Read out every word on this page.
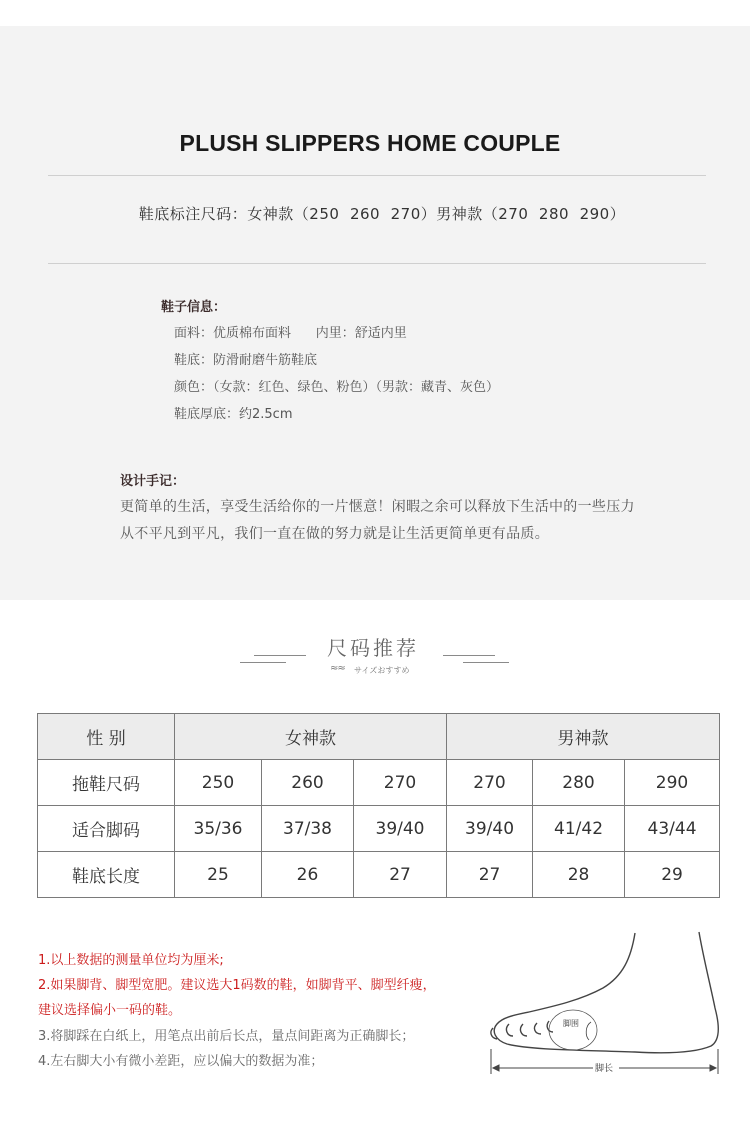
PLUSH SLIPPERS HOME COUPLE
鞋底标注尺码：女神款（250  260  270）男神款（270  280  290）
鞋子信息：
面料：优质棉布面料      内里：舒适内里
鞋底：防滑耐磨牛筋鞋底
颜色：（女款：红色、绿色、粉色）（男款：藏青、灰色）
鞋底厚底：约2.5cm
设计手记：
更简单的生活，享受生活给你的一片惬意！闲暇之余可以释放下生活中的一些压力
从不平凡到平凡，我们一直在做的努力就是让生活更简单更有品质。
尺码推荐
≈≈ サイズおすすめ
性 别	女神款			男神款		
拖鞋尺码	250	260	270	270	280	290
适合脚码	35/36	37/38	39/40	39/40	41/42	43/44
鞋底长度	25	26	27	27	28	29
1.以上数据的测量单位均为厘米;
2.如果脚背、脚型宽肥。建议选大1码数的鞋，如脚背平、脚型纤瘦，
建议选择偏小一码的鞋。
3.将脚踩在白纸上，用笔点出前后长点，量点间距离为正确脚长；
4.左右脚大小有微小差距，应以偏大的数据为准；
脚围
脚长
